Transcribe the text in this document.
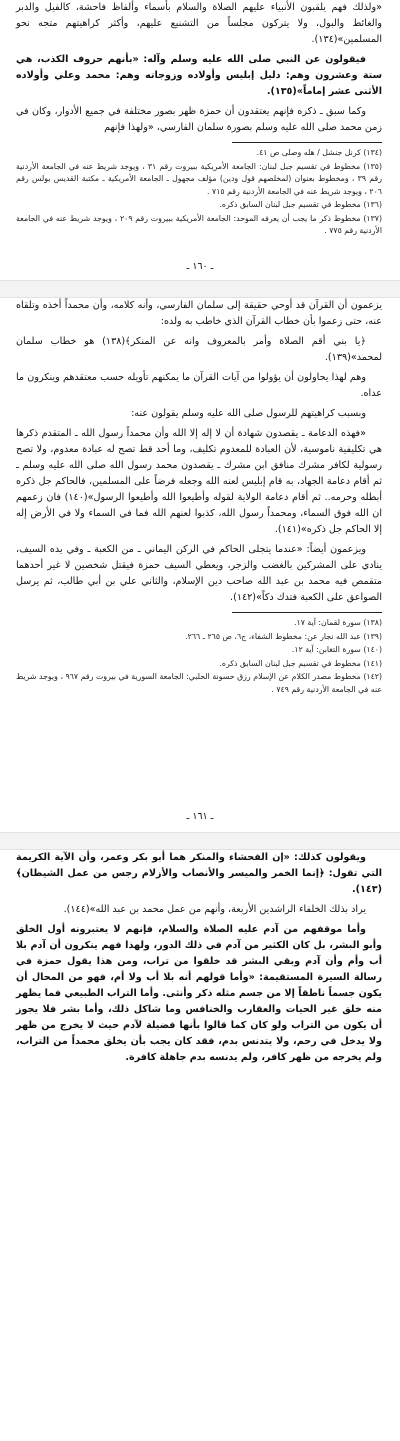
«ولذلك فهم يلقبون الأنبياء عليهم الصلاة والسلام بأسماء وألفاظ فاحشة، كالفيل والدبر والغائط والبول، ولا يتركون مجلساً من التشنيع عليهم، وأكثر كراهيتهم متجه نحو المسلمين»(١٣٤).

فيقولون عن النبي صلى الله عليه وسلم وآله: «بأنهم حروف الكذب، هي ستة وعشرون وهم: دليل إبليس وأولاده وزوجاته وهم: محمد وعلي وأولاده الأثنى عشر إماماً»(١٣٥).

وكما سبق ـ ذكره فإنهم يعتقدون أن حمزة ظهر بصور مختلفة في جميع الأدوار، وكان في زمن محمد صلى الله عليه وسلم بصورة سلمان الفارسي، «ولهذا فإنهم

(١٣٤) كرنل جنشل / هله وصلى ص ٤١.
(١٣٥) مخطوط في تقسيم جبل لبنان: الجامعة الأمريكية ببيروت رقم ٣١ ، ويوجد شريط عنه في الجامعة الأردنية رقم ٣٩ ، ومخطوط بعنوان (لمخلصهم قول ودين) مؤلف مجهول ـ الجامعة الأمريكية ـ مكتبة القديس بولس رقم ٢٠٦ ، ويوجد شريط عنه في الجامعة الأردنية رقم ٧١٥ .
(١٣٦) مخطوط في تقسيم جبل لبنان السابق ذكره.
(١٣٧) مخطوط ذكر ما يجب أن يعرفه الموحد: الجامعة الأمريكية ببيروت رقم ٢٠٩ ، ويوجد شريط عنه في الجامعة الأردنية رقم ٧٧٥ .
ـ ١٦٠ ـ

يزعمون أن القرآن قد أوحي حقيقة إلى سلمان الفارسي، وأنه كلامه، وأن محمداً أخذه وتلقاه عنه، حتى زعموا بأن خطاب القرآن الذي خاطب به ولده:

﴿يا بني أقم الصلاة وأمر بالمعروف وانه عن المنكر﴾(١٣٨) هو خطاب سلمان لمحمد»(١٣٩).

وهم لهذا يحاولون أن يؤولوا من آيات القرآن ما يمكنهم تأويله حسب معتقدهم وينكرون ما عداه.

وبسبب كراهيتهم للرسول صلى الله عليه وسلم يقولون عنه:

«فهذه الدعامة ـ يقصدون شهادة أن لا إله إلا الله وأن محمداً رسول الله ـ المتقدم ذكرها هي تكليفية ناموسية، لأن العبادة للمعدوم تكليف، وما أحد قط تصح له عبادة معدوم، ولا تصح رسولية لكافر مشرك منافق ابن مشرك ـ يقصدون محمد رسول الله صلى الله عليه وسلم ـ ثم أقام دعامة الجهاد، به قام إبليس لعنه الله وجعله فرضاً على المسلمين، فالحاكم جل ذكره أبطله وحرمه.. ثم أقام دعامة الولاية لقوله وأطيعوا الله وأطيعوا الرسول»(١٤٠) فان زعمهم ان الله فوق السماء، ومحمداً رسول الله، كذبوا لعنهم الله فما في السماء ولا في الأرض إله إلا الحاكم جل ذكره»(١٤١).

ويزعمون أيضاً: «عندما يتجلى الحاكم في الركن اليماني ـ من الكعبة ـ وفي يده السيف، ينادي على المشركين بالغضب والزجر، ويعطي السيف حمزة فيقتل شخصين لا غير أحدهما متقمص فيه محمد بن عبد الله صاحب دين الإسلام، والثاني علي بن أبي طالب، ثم يرسل الصواعق على الكعبة فتدك دكاً»(١٤٢).

(١٣٨) سورة لقمان: آية ١٧.
(١٣٩) عبد الله نجار عن: مخطوط الشفاء، ج٦، ص ٢٦٥ ـ ٢٦٦.
(١٤٠) سورة التغابن: آية ١٢.
(١٤١) مخطوط في تقسيم جبل لبنان السابق ذكره.
(١٤٢) مخطوط مصدر الكلام عن الإسلام رزق حسونة الحلبي: الجامعة السورية في بيروت رقم ٩٦٧ ، ويوجد شريط عنه في الجامعة الأردنية رقم ٧٤٩ .
ـ ١٦١ ـ

ويقولون كذلك: «إن الفحشاء والمنكر هما أبو بكر وعمر، وأن الآية الكريمة التي تقول: ﴿إنما الخمر والميسر والأنصاب والأزلام رجس من عمل الشيطان﴾(١٤٣).

يراد بذلك الخلفاء الراشدين الأربعة، وأنهم من عمل محمد بن عبد الله»(١٤٤).

وأما موقفهم من آدم عليه الصلاة والسلام، فإنهم لا يعتبرونه أول الخلق وأبو البشر، بل كان الكثير من آدم في ذلك الدور، ولهذا فهم ينكرون أن آدم بلا أب وأم وأن آدم وبقي البشر قد خلقوا من تراب، ومن هذا يقول حمزة في رسالة السيرة المستقيمة: «وأما قولهم أنه بلا أب ولا أم، فهو من المحال أن يكون جسماً ناطقاً إلا من جسم مثله ذكر وأنثى. وأما التراب الطبيعي فما يظهر منه خلق غير الحيات والعقارب والخنافس وما شاكل ذلك، وأما بشر فلا يجوز أن يكون من التراب ولو كان كما قالوا بأنها فضيلة لآدم حيث لا يخرج من ظهر ولا يدخل في رحم، ولا يتدنس بدم، فقد كان يجب بأن يخلق محمداً من التراب، ولم يخرجه من ظهر كافر، ولم يدنسه بدم جاهلة كافرة.
